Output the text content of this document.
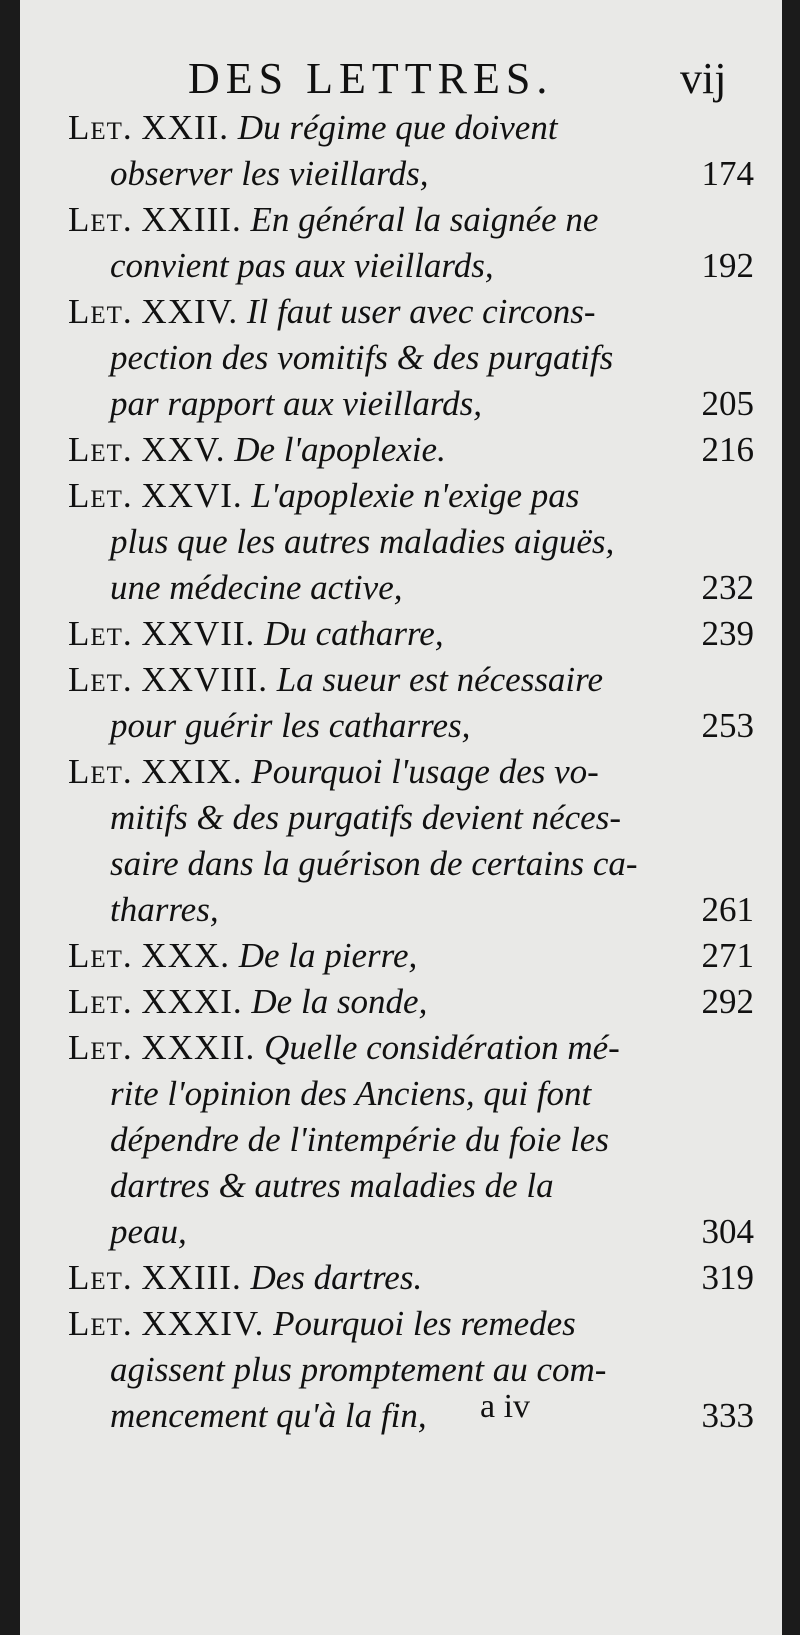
DES LETTRES.	vij
Let. XXII. Du régime que doivent
observer les vieillards,	174
Let. XXIII. En général la saignée ne
convient pas aux vieillards,	192
Let. XXIV. Il faut user avec circons-
pection des vomitifs & des purgatifs
par rapport aux vieillards,	205
Let. XXV. De l'apoplexie.	216
Let. XXVI. L'apoplexie n'exige pas
plus que les autres maladies aiguës,
une médecine active,	232
Let. XXVII. Du catharre,	239
Let. XXVIII. La sueur est nécessaire
pour guérir les catharres,	253
Let. XXIX. Pourquoi l'usage des vo-
mitifs & des purgatifs devient néces-
saire dans la guérison de certains ca-
tharres,	261
Let. XXX. De la pierre,	271
Let. XXXI. De la sonde,	292
Let. XXXII. Quelle considération mé-
rite l'opinion des Anciens, qui font
dépendre de l'intempérie du foie les
dartres & autres maladies de la
peau,	304
Let. XXIII. Des dartres.	319
Let. XXXIV. Pourquoi les remedes
agissent plus promptement au com-
mencement qu'à la fin,	333
a iv
